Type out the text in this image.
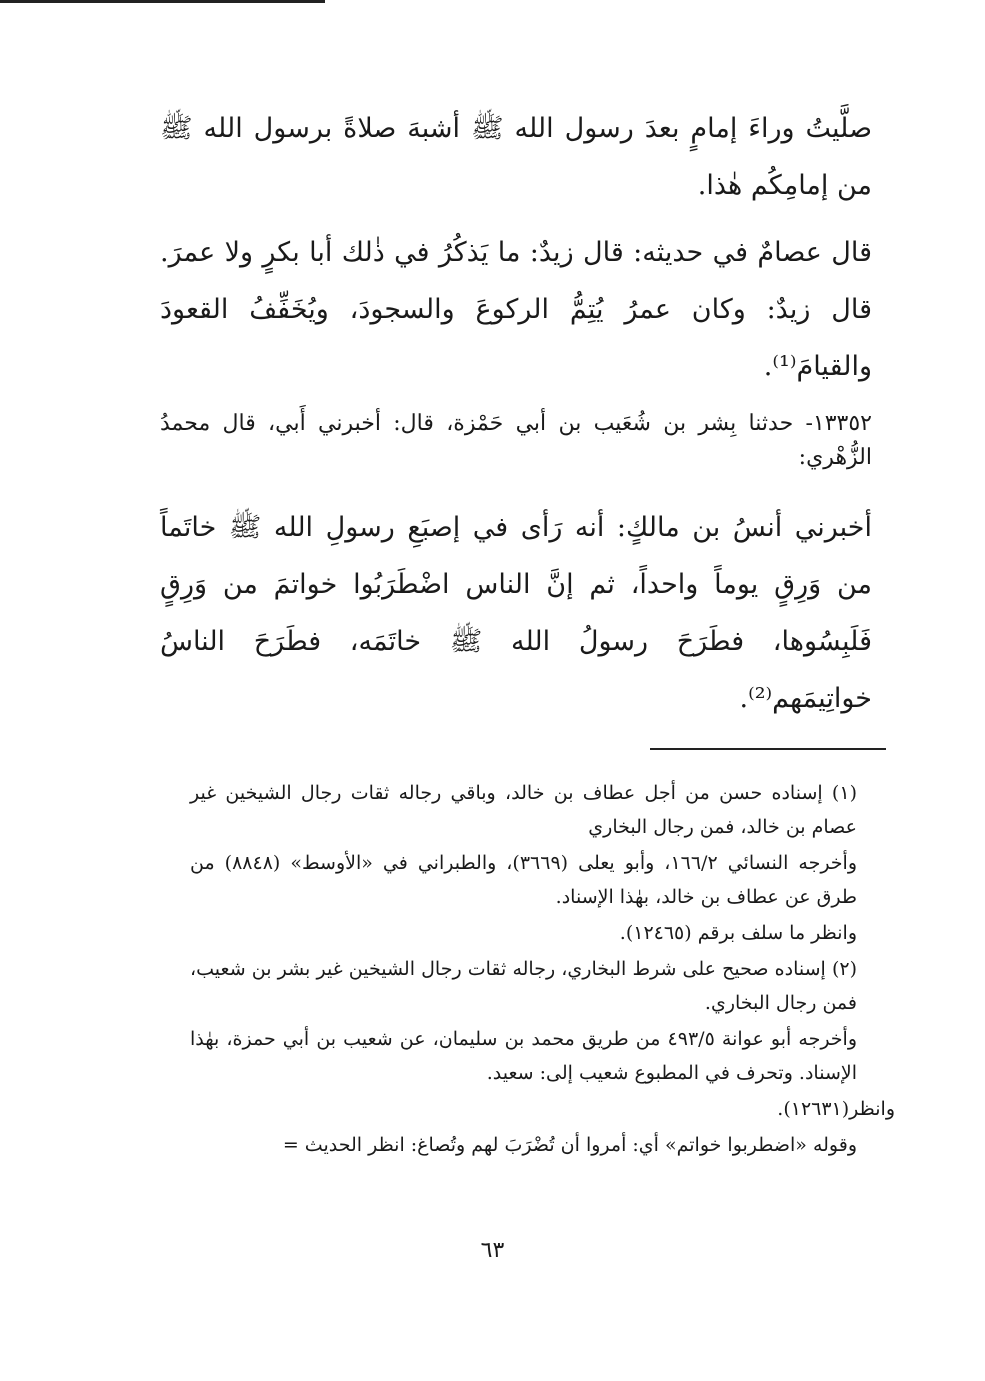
صلَّيتُ وراءَ إمامٍ بعدَ رسول الله ﷺ أشبهَ صلاةً برسول الله ﷺ من إمامِكُم هٰذا.

قال عصامٌ في حديثه: قال زيدٌ: ما يَذكُرُ في ذٰلك أبا بكرٍ ولا عمرَ. قال زيدٌ: وكان عمرُ يُتِمُّ الركوعَ والسجودَ، ويُخَفِّفُ القعودَ والقيامَ⁽¹⁾.

١٣٣٥٢- حدثنا بِشر بن شُعَيب بن أبي حَمْزة، قال: أخبرني أَبي، قال محمدُ الزُّهْري:

أخبرني أنسُ بن مالكٍ: أنه رَأى في إصبَعِ رسولِ الله ﷺ خاتَماً من وَرِقٍ يوماً واحداً، ثم إنَّ الناس اضْطَرَبُوا خواتمَ من وَرِقٍ فَلَبِسُوها، فطَرَحَ رسولُ الله ﷺ خاتَمَه، فطَرَحَ الناسُ خواتِيمَهم⁽²⁾.

(١) إسناده حسن من أجل عطاف بن خالد، وباقي رجاله ثقات رجال الشيخين غير عصام بن خالد، فمن رجال البخاري

وأخرجه النسائي ١٦٦/٢، وأبو يعلى (٣٦٦٩)، والطبراني في «الأوسط» (٨٨٤٨) من طرق عن عطاف بن خالد، بهٰذا الإسناد.

وانظر ما سلف برقم (١٢٤٦٥).

(٢) إسناده صحيح على شرط البخاري، رجاله ثقات رجال الشيخين غير بشر بن شعيب، فمن رجال البخاري.

وأخرجه أبو عوانة ٤٩٣/٥ من طريق محمد بن سليمان، عن شعيب بن أبي حمزة، بهٰذا الإسناد. وتحرف في المطبوع شعيب إلى: سعيد.

وانظر(١٢٦٣١).

وقوله «اضطربوا خواتم» أي: أمروا أن تُضْرَبَ لهم وتُصاغ: انظر الحديث =

٦٣
